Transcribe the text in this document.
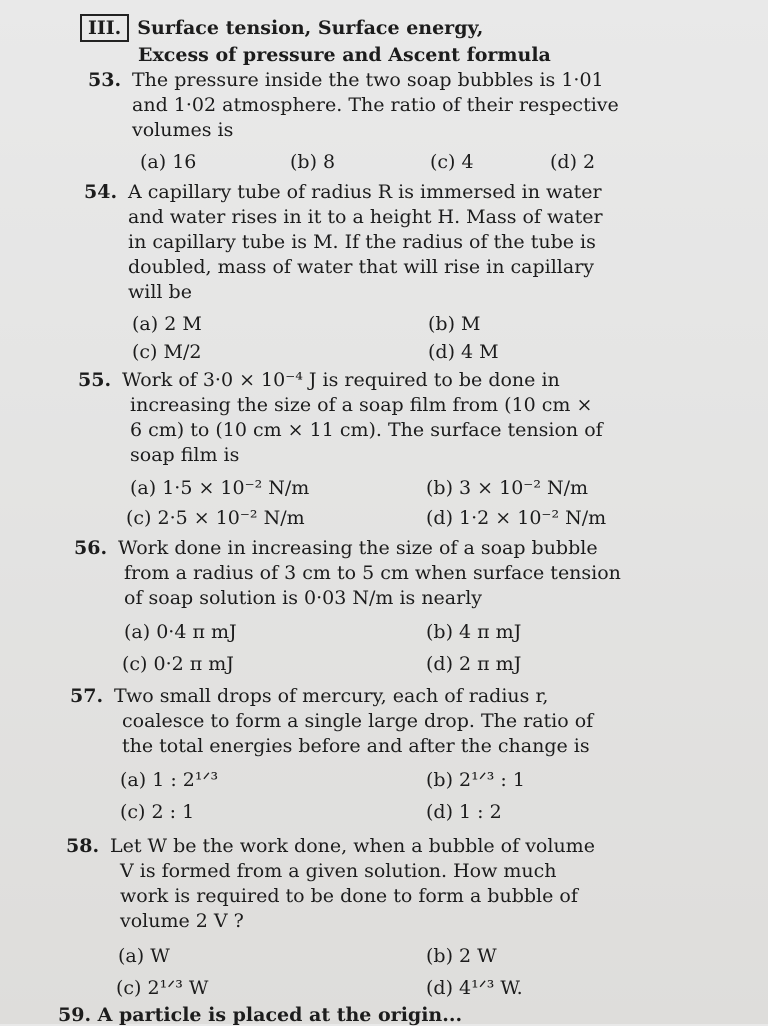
III. Surface tension, Surface energy,
Excess of pressure and Ascent formula
53. The pressure inside the two soap bubbles is 1·01
and 1·02 atmosphere. The ratio of their respective
volumes is
(a) 16	(b) 8	(c) 4	(d) 2
54. A capillary tube of radius R is immersed in water
and water rises in it to a height H. Mass of water
in capillary tube is M. If the radius of the tube is
doubled, mass of water that will rise in capillary
will be
(a) 2 M	(b) M
(c) M/2	(d) 4 M
55. Work of 3·0 × 10⁻⁴ J is required to be done in
increasing the size of a soap film from (10 cm ×
6 cm) to (10 cm × 11 cm). The surface tension of
soap film is
(a) 1·5 × 10⁻² N/m	(b) 3 × 10⁻² N/m
(c) 2·5 × 10⁻² N/m	(d) 1·2 × 10⁻² N/m
56. Work done in increasing the size of a soap bubble
from a radius of 3 cm to 5 cm when surface tension
of soap solution is 0·03 N/m is nearly
(a) 0·4 π mJ	(b) 4 π mJ
(c) 0·2 π mJ	(d) 2 π mJ
57. Two small drops of mercury, each of radius r,
coalesce to form a single large drop. The ratio of
the total energies before and after the change is
(a) 1 : 2¹ᐟ³	(b) 2¹ᐟ³ : 1
(c) 2 : 1	(d) 1 : 2
58. Let W be the work done, when a bubble of volume
V is formed from a given solution. How much
work is required to be done to form a bubble of
volume 2 V ?
(a) W	(b) 2 W
(c) 2¹ᐟ³ W	(d) 4¹ᐟ³ W.
59. A particle is placed at the origin...
